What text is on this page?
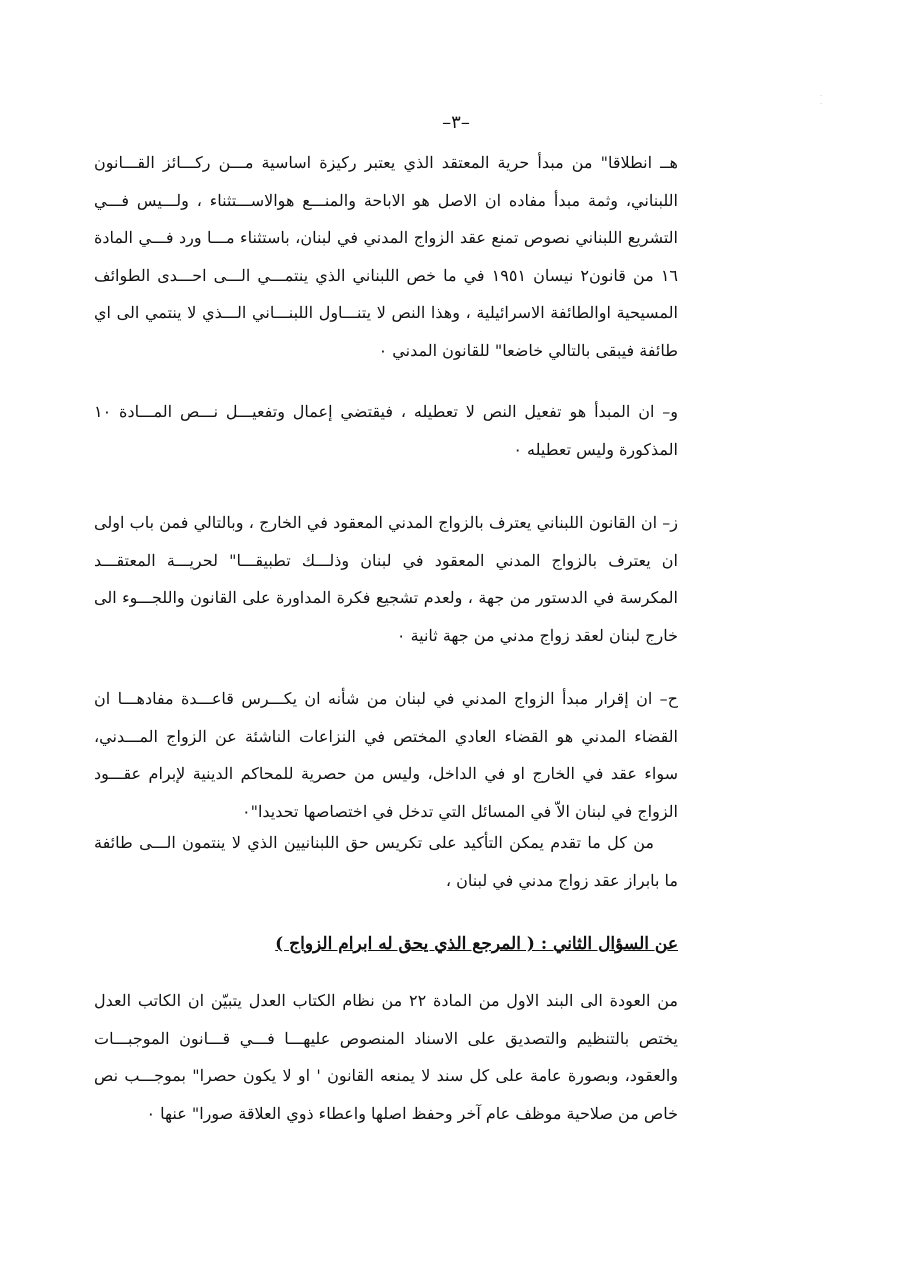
· ·
–٣–
هــ انطلاقا" من مبدأ حرية المعتقد الذي يعتبر ركيزة اساسية مـــن ركـــائز القـــانون اللبناني، وثمة مبدأ مفاده ان الاصل هو الاباحة والمنـــع هوالاســـتثناء ، ولـــيس فـــي التشريع اللبناني نصوص تمنع عقد الزواج المدني في لبنان، باستثناء مـــا ورد فـــي المادة ١٦ من قانون٢ نيسان ١٩٥١ في ما خص اللبناني الذي ينتمـــي الـــى احـــدى الطوائف المسيحية اوالطائفة الاسرائيلية ، وهذا النص لا يتنـــاول اللبنـــاني الـــذي لا ينتمي الى اي طائفة فيبقى بالتالي خاضعا" للقانون المدني ٠
و– ان المبدأ هو تفعيل النص لا تعطيله ، فيقتضي إعمال وتفعيـــل نـــص المـــادة ١٠ المذكورة وليس تعطيله ٠
ز– ان القانون اللبناني يعترف بالزواج المدني المعقود في الخارج ، وبالتالي فمن باب اولى ان يعترف بالزواج المدني المعقود في لبنان وذلـــك تطبيقـــا" لحريـــة المعتقـــد المكرسة في الدستور من جهة ، ولعدم تشجيع فكرة المداورة على القانون واللجـــوء الى خارج لبنان لعقد زواج مدني من جهة ثانية ٠
ح– ان إقرار مبدأ الزواج المدني في لبنان من شأنه ان يكـــرس قاعـــدة مفادهـــا ان القضاء المدني هو القضاء العادي المختص في النزاعات الناشئة عن الزواج المـــدني، سواء عقد في الخارج او في الداخل، وليس من حصرية للمحاكم الدينية لإبرام عقـــود الزواج في لبنان الاّ في المسائل التي تدخل في اختصاصها تحديدا"٠
من كل ما تقدم يمكن التأكيد على تكريس حق اللبنانيين الذي لا ينتمون الـــى طائفة ما بابراز عقد زواج مدني في لبنان ،
عن السؤال الثاني : ( المرجع الذي يحق له ابرام الزواج )
من العودة الى البند الاول من المادة ٢٢ من نظام الكتاب العدل يتبيّن ان الكاتب العدل يختص بالتنظيم والتصديق على الاسناد المنصوص عليهـــا فـــي قـــانون الموجبـــات والعقود، وبصورة عامة على كل سند لا يمنعه القانون ' او لا يكون حصرا" بموجـــب نص خاص من صلاحية موظف عام آخر وحفظ اصلها واعطاء ذوي العلاقة صورا" عنها ٠
